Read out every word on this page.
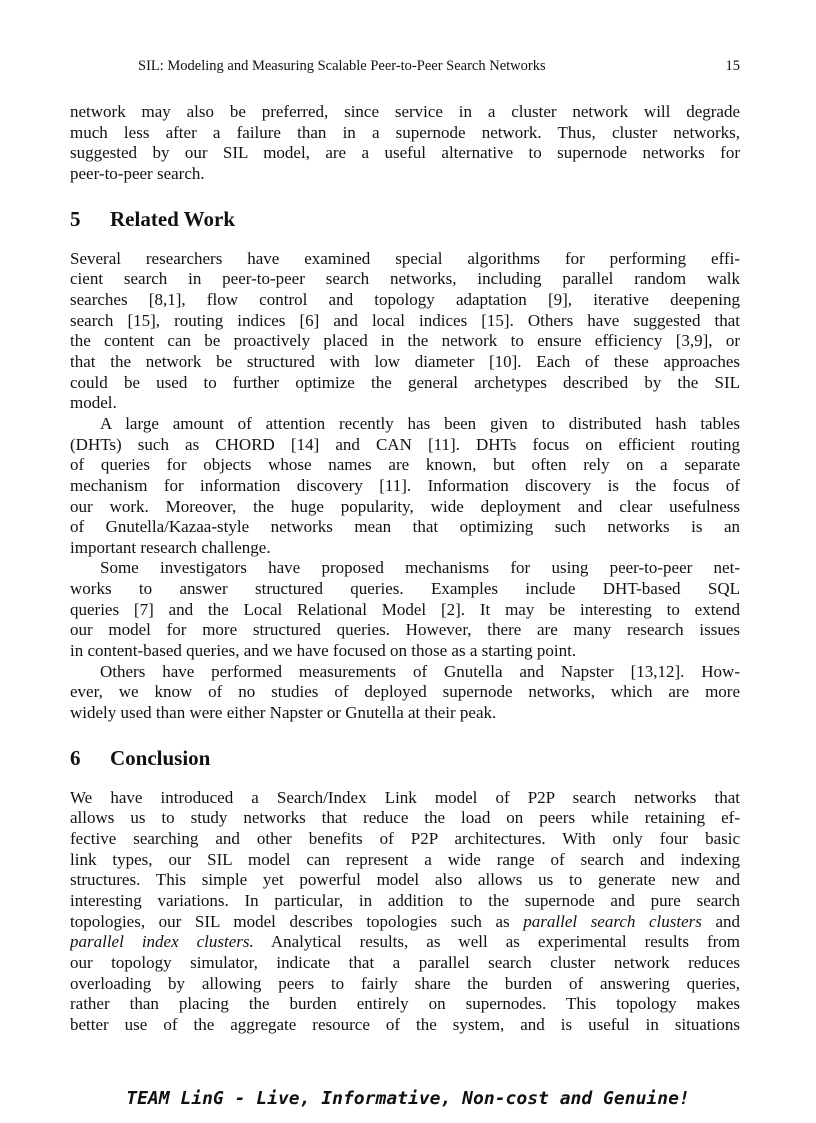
SIL: Modeling and Measuring Scalable Peer-to-Peer Search Networks	15
network may also be preferred, since service in a cluster network will degrade
much less after a failure than in a supernode network. Thus, cluster networks,
suggested by our SIL model, are a useful alternative to supernode networks for
peer-to-peer search.
5 Related Work
Several researchers have examined special algorithms for performing effi-
cient search in peer-to-peer search networks, including parallel random walk
searches [8,1], flow control and topology adaptation [9], iterative deepening
search [15], routing indices [6] and local indices [15]. Others have suggested that
the content can be proactively placed in the network to ensure efficiency [3,9], or
that the network be structured with low diameter [10]. Each of these approaches
could be used to further optimize the general archetypes described by the SIL
model.
A large amount of attention recently has been given to distributed hash tables
(DHTs) such as CHORD [14] and CAN [11]. DHTs focus on efficient routing
of queries for objects whose names are known, but often rely on a separate
mechanism for information discovery [11]. Information discovery is the focus of
our work. Moreover, the huge popularity, wide deployment and clear usefulness
of Gnutella/Kazaa-style networks mean that optimizing such networks is an
important research challenge.
Some investigators have proposed mechanisms for using peer-to-peer net-
works to answer structured queries. Examples include DHT-based SQL
queries [7] and the Local Relational Model [2]. It may be interesting to extend
our model for more structured queries. However, there are many research issues
in content-based queries, and we have focused on those as a starting point.
Others have performed measurements of Gnutella and Napster [13,12]. How-
ever, we know of no studies of deployed supernode networks, which are more
widely used than were either Napster or Gnutella at their peak.
6 Conclusion
We have introduced a Search/Index Link model of P2P search networks that
allows us to study networks that reduce the load on peers while retaining ef-
fective searching and other benefits of P2P architectures. With only four basic
link types, our SIL model can represent a wide range of search and indexing
structures. This simple yet powerful model also allows us to generate new and
interesting variations. In particular, in addition to the supernode and pure search
topologies, our SIL model describes topologies such as parallel search clusters and
parallel index clusters. Analytical results, as well as experimental results from
our topology simulator, indicate that a parallel search cluster network reduces
overloading by allowing peers to fairly share the burden of answering queries,
rather than placing the burden entirely on supernodes. This topology makes
better use of the aggregate resource of the system, and is useful in situations
TEAM LinG - Live, Informative, Non-cost and Genuine!
